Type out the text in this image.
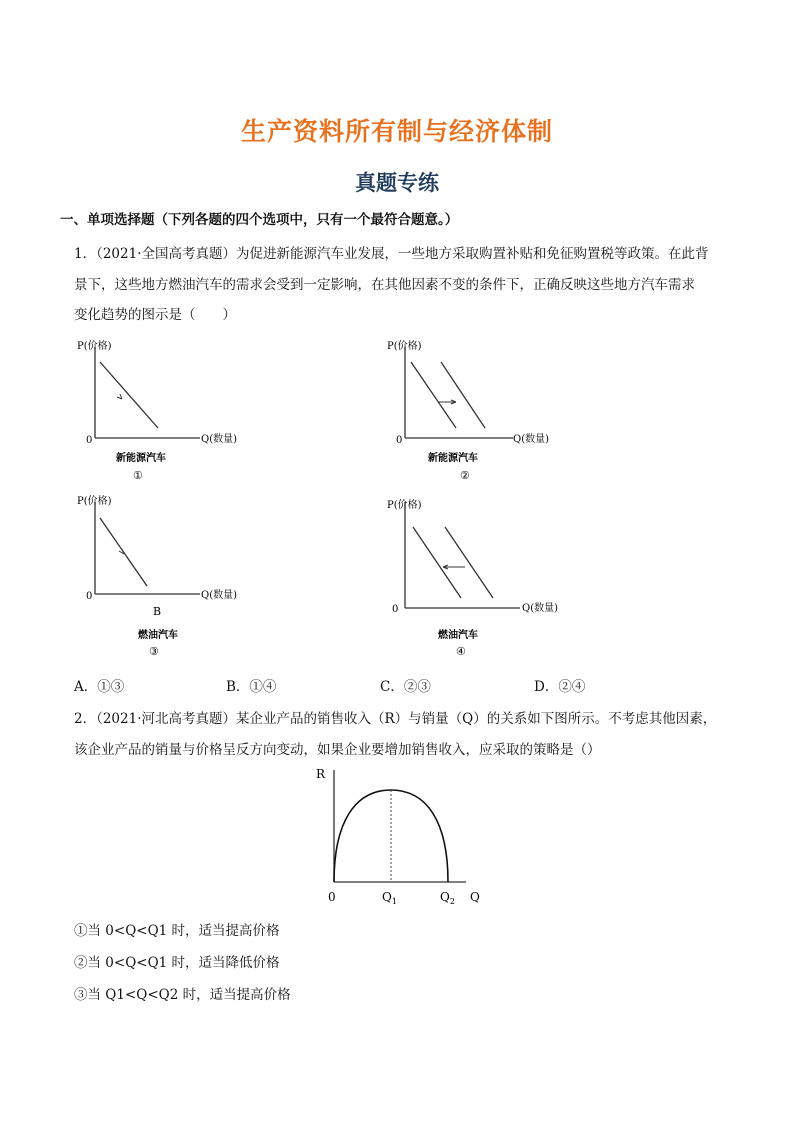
生产资料所有制与经济体制
真题专练
一、单项选择题（下列各题的四个选项中，只有一个最符合题意。）
1．（2021·全国高考真题）为促进新能源汽车业发展，一些地方采取购置补贴和免征购置税等政策。在此背
景下，这些地方燃油汽车的需求会受到一定影响，在其他因素不变的条件下，正确反映这些地方汽车需求
变化趋势的图示是（　　）
P(价格)
Q(数量)
0
新能源汽车
①
P(价格)
Q(数量)
0
新能源汽车
②
P(价格)
Q(数量)
0
B
燃油汽车
③
P(价格)
Q(数量)
0
燃油汽车
④
A．①③	B．①④	C．②③	D．②④
2．（2021·河北高考真题）某企业产品的销售收入（R）与销量（Q）的关系如下图所示。不考虑其他因素，
该企业产品的销量与价格呈反方向变动，如果企业要增加销售收入，应采取的策略是（）
R
Q
0	$Q_1$	$Q_2$
①当 0<Q<Q1 时，适当提高价格
②当 0<Q<Q1 时，适当降低价格
③当 Q1<Q<Q2 时，适当提高价格
